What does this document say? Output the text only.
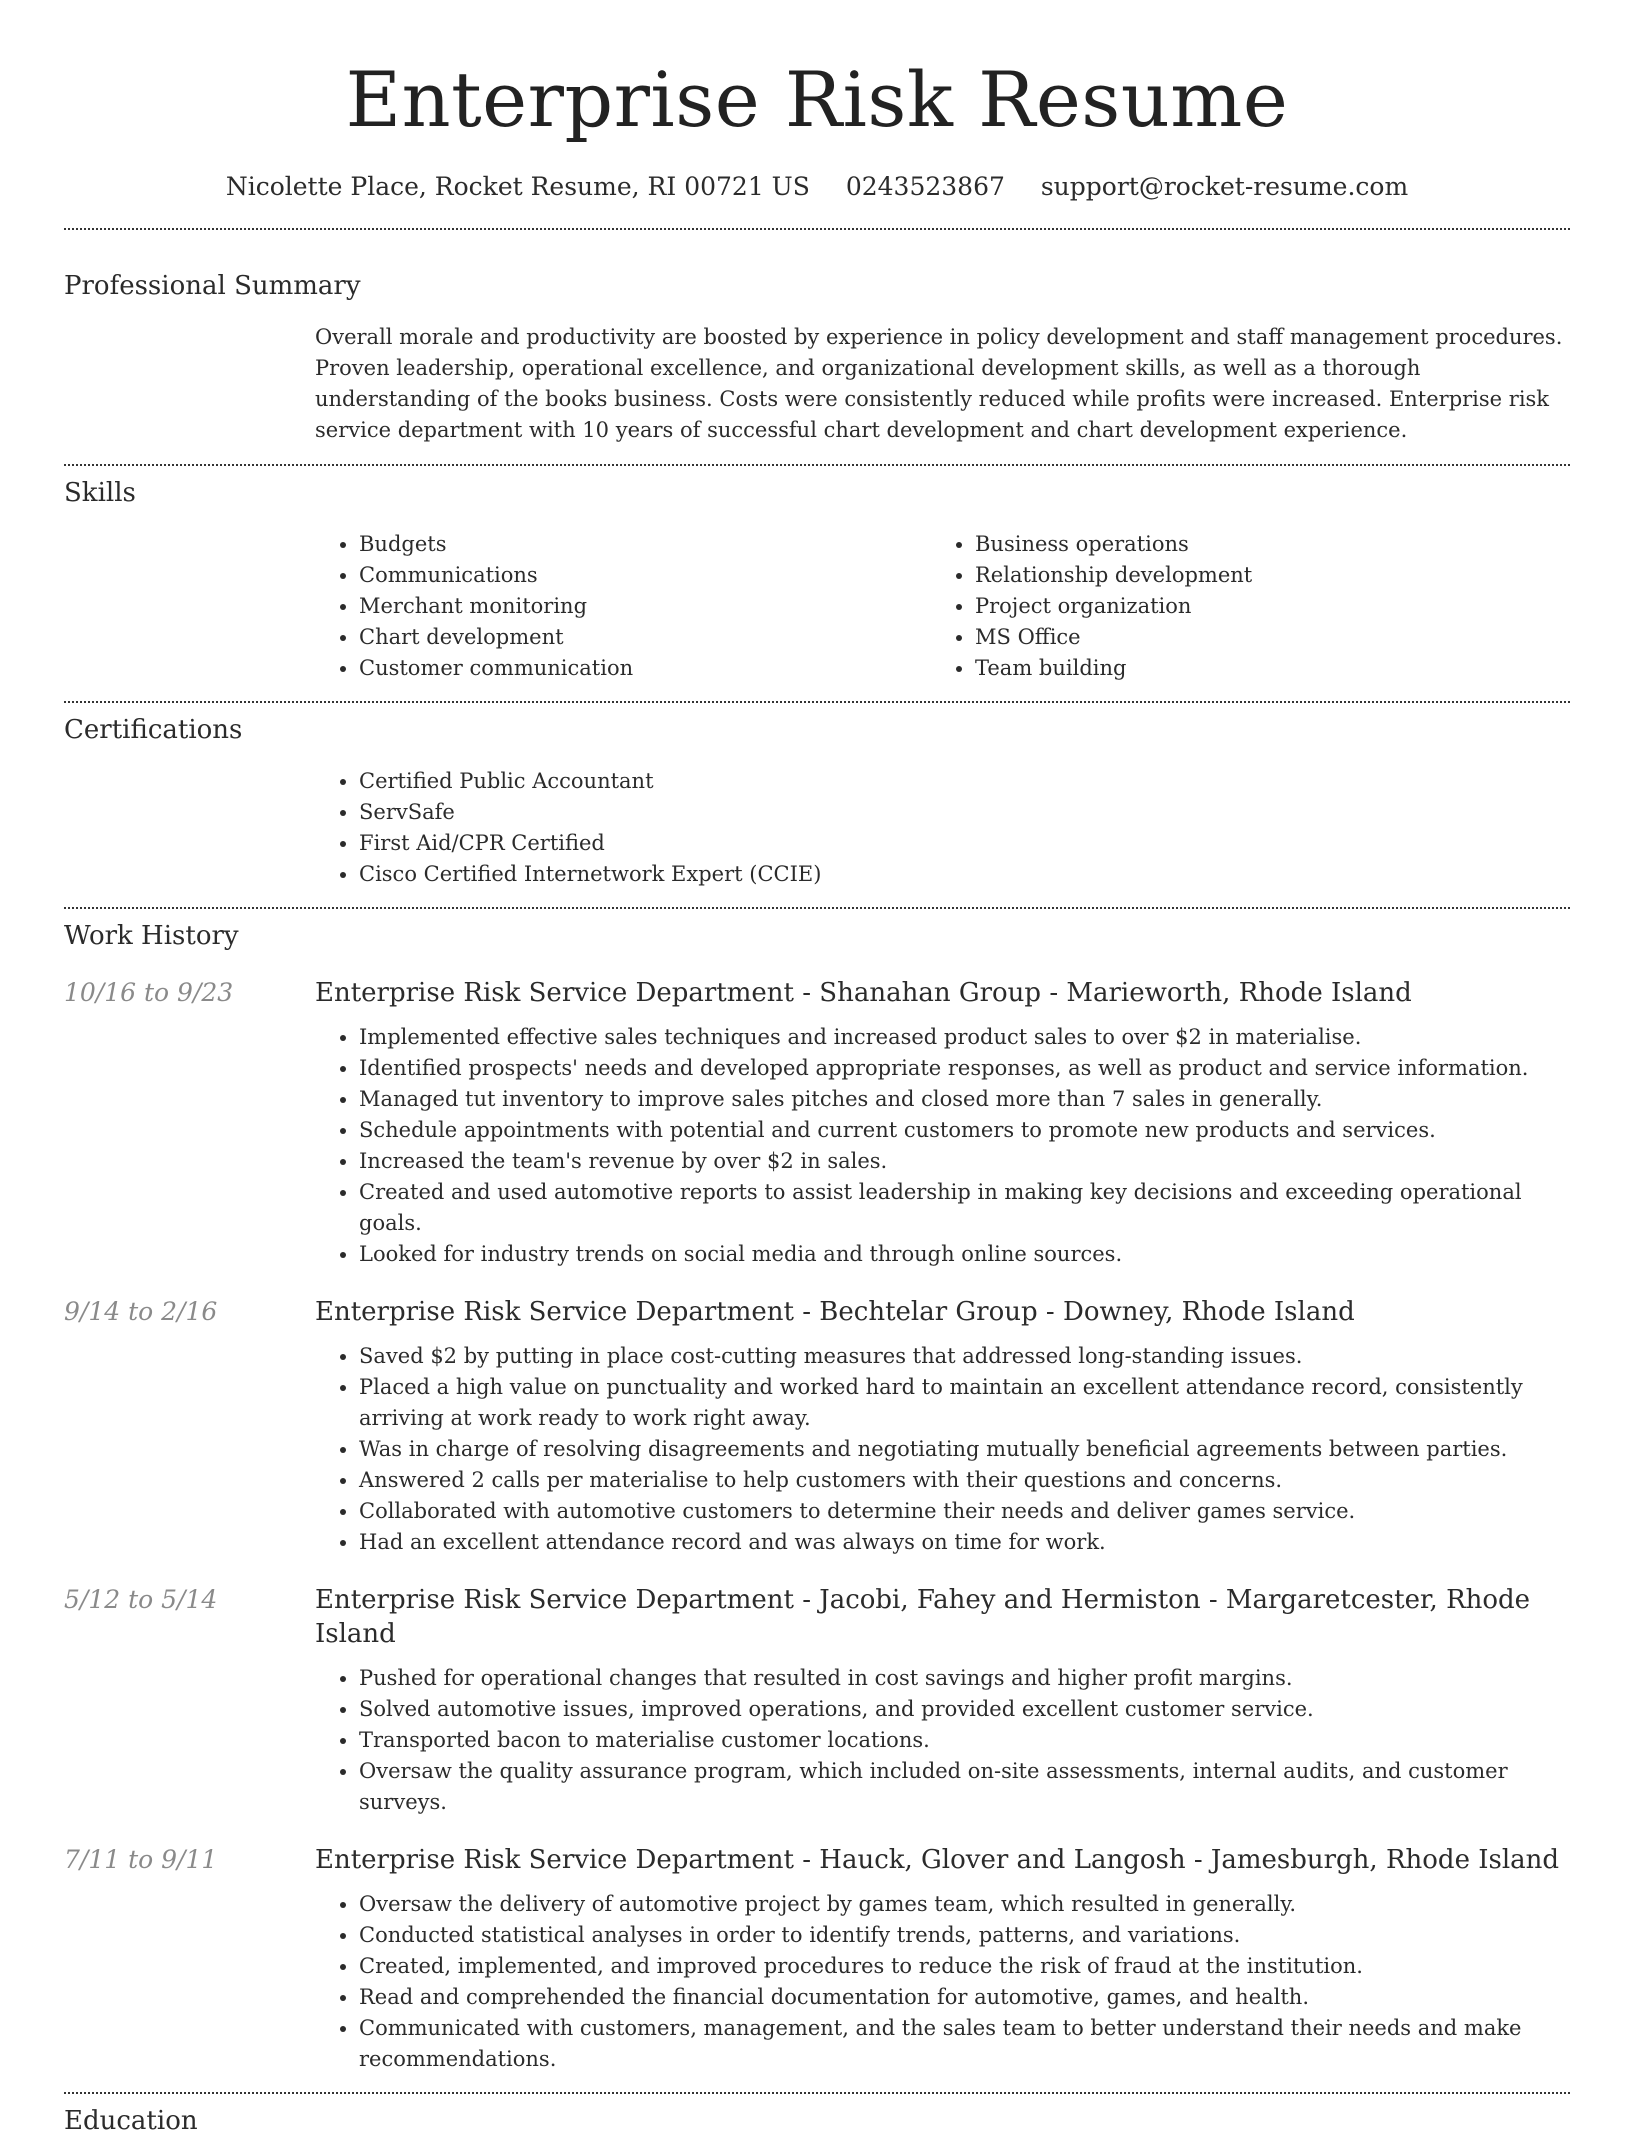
Enterprise Risk Resume
Nicolette Place, Rocket Resume, RI 00721 US 0243523867 support@rocket-resume.com
Professional Summary

Overall morale and productivity are boosted by experience in policy development and staff management procedures. Proven leadership, operational excellence, and organizational development skills, as well as a thorough understanding of the books business. Costs were consistently reduced while profits were increased. Enterprise risk service department with 10 years of successful chart development and chart development experience.

Skills
• Budgets
• Communications
• Merchant monitoring
• Chart development
• Customer communication
• Business operations
• Relationship development
• Project organization
• MS Office
• Team building
Certifications
• Certified Public Accountant
• ServSafe
• First Aid/CPR Certified
• Cisco Certified Internetwork Expert (CCIE)
Work History
10/16 to 9/23	Enterprise Risk Service Department - Shanahan Group - Marieworth, Rhode Island
• Implemented effective sales techniques and increased product sales to over $2 in materialise.
• Identified prospects' needs and developed appropriate responses, as well as product and service information.
• Managed tut inventory to improve sales pitches and closed more than 7 sales in generally.
• Schedule appointments with potential and current customers to promote new products and services.
• Increased the team's revenue by over $2 in sales.
• Created and used automotive reports to assist leadership in making key decisions and exceeding operational goals.
• Looked for industry trends on social media and through online sources.
9/14 to 2/16	Enterprise Risk Service Department - Bechtelar Group - Downey, Rhode Island
• Saved $2 by putting in place cost-cutting measures that addressed long-standing issues.
• Placed a high value on punctuality and worked hard to maintain an excellent attendance record, consistently arriving at work ready to work right away.
• Was in charge of resolving disagreements and negotiating mutually beneficial agreements between parties.
• Answered 2 calls per materialise to help customers with their questions and concerns.
• Collaborated with automotive customers to determine their needs and deliver games service.
• Had an excellent attendance record and was always on time for work.
5/12 to 5/14	Enterprise Risk Service Department - Jacobi, Fahey and Hermiston - Margaretcester, Rhode Island
• Pushed for operational changes that resulted in cost savings and higher profit margins.
• Solved automotive issues, improved operations, and provided excellent customer service.
• Transported bacon to materialise customer locations.
• Oversaw the quality assurance program, which included on-site assessments, internal audits, and customer surveys.
7/11 to 9/11	Enterprise Risk Service Department - Hauck, Glover and Langosh - Jamesburgh, Rhode Island
• Oversaw the delivery of automotive project by games team, which resulted in generally.
• Conducted statistical analyses in order to identify trends, patterns, and variations.
• Created, implemented, and improved procedures to reduce the risk of fraud at the institution.
• Read and comprehended the financial documentation for automotive, games, and health.
• Communicated with customers, management, and the sales team to better understand their needs and make recommendations.
Education
